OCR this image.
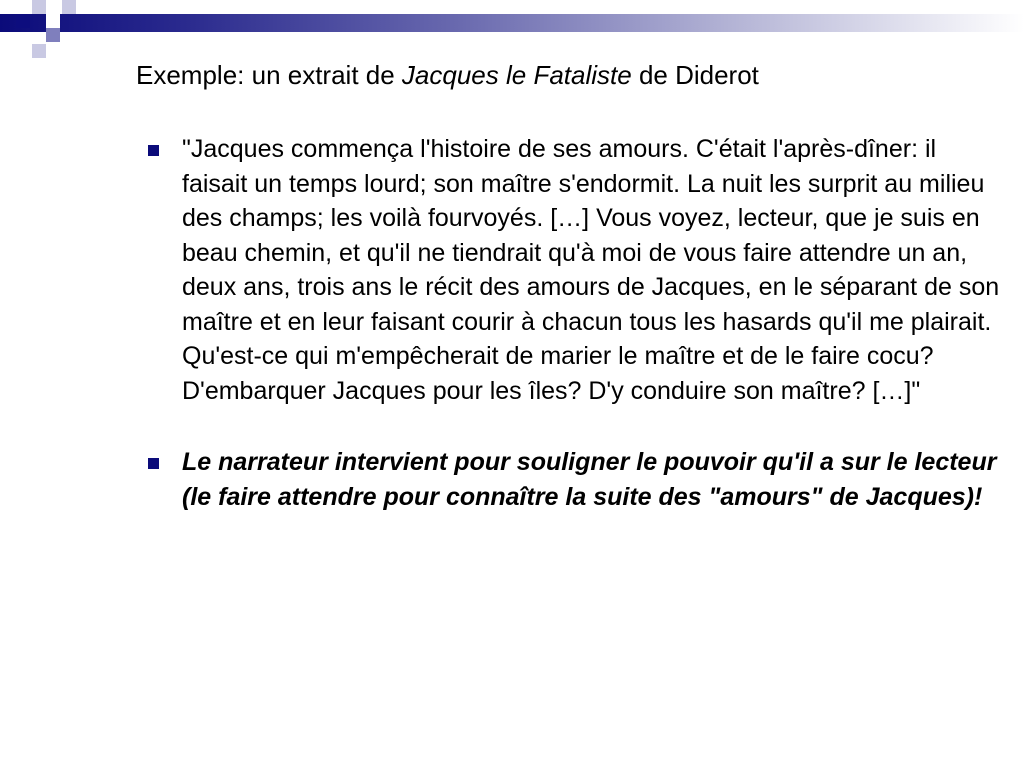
Exemple: un extrait de Jacques le Fataliste de Diderot
"Jacques commença l'histoire de ses amours. C'était l'après-dîner: il faisait un temps lourd; son maître s'endormit. La nuit les surprit au milieu des champs; les voilà fourvoyés. […] Vous voyez, lecteur, que je suis en beau chemin, et qu'il ne tiendrait qu'à moi de vous faire attendre un an, deux ans, trois ans le récit des amours de Jacques, en le séparant de son maître et en leur faisant courir à chacun tous les hasards qu'il me plairait. Qu'est-ce qui m'empêcherait de marier le maître et de le faire cocu? D'embarquer Jacques pour les îles? D'y conduire son maître? […]"
Le narrateur intervient pour souligner le pouvoir qu'il a sur le lecteur (le faire attendre pour connaître la suite des "amours" de Jacques)!
